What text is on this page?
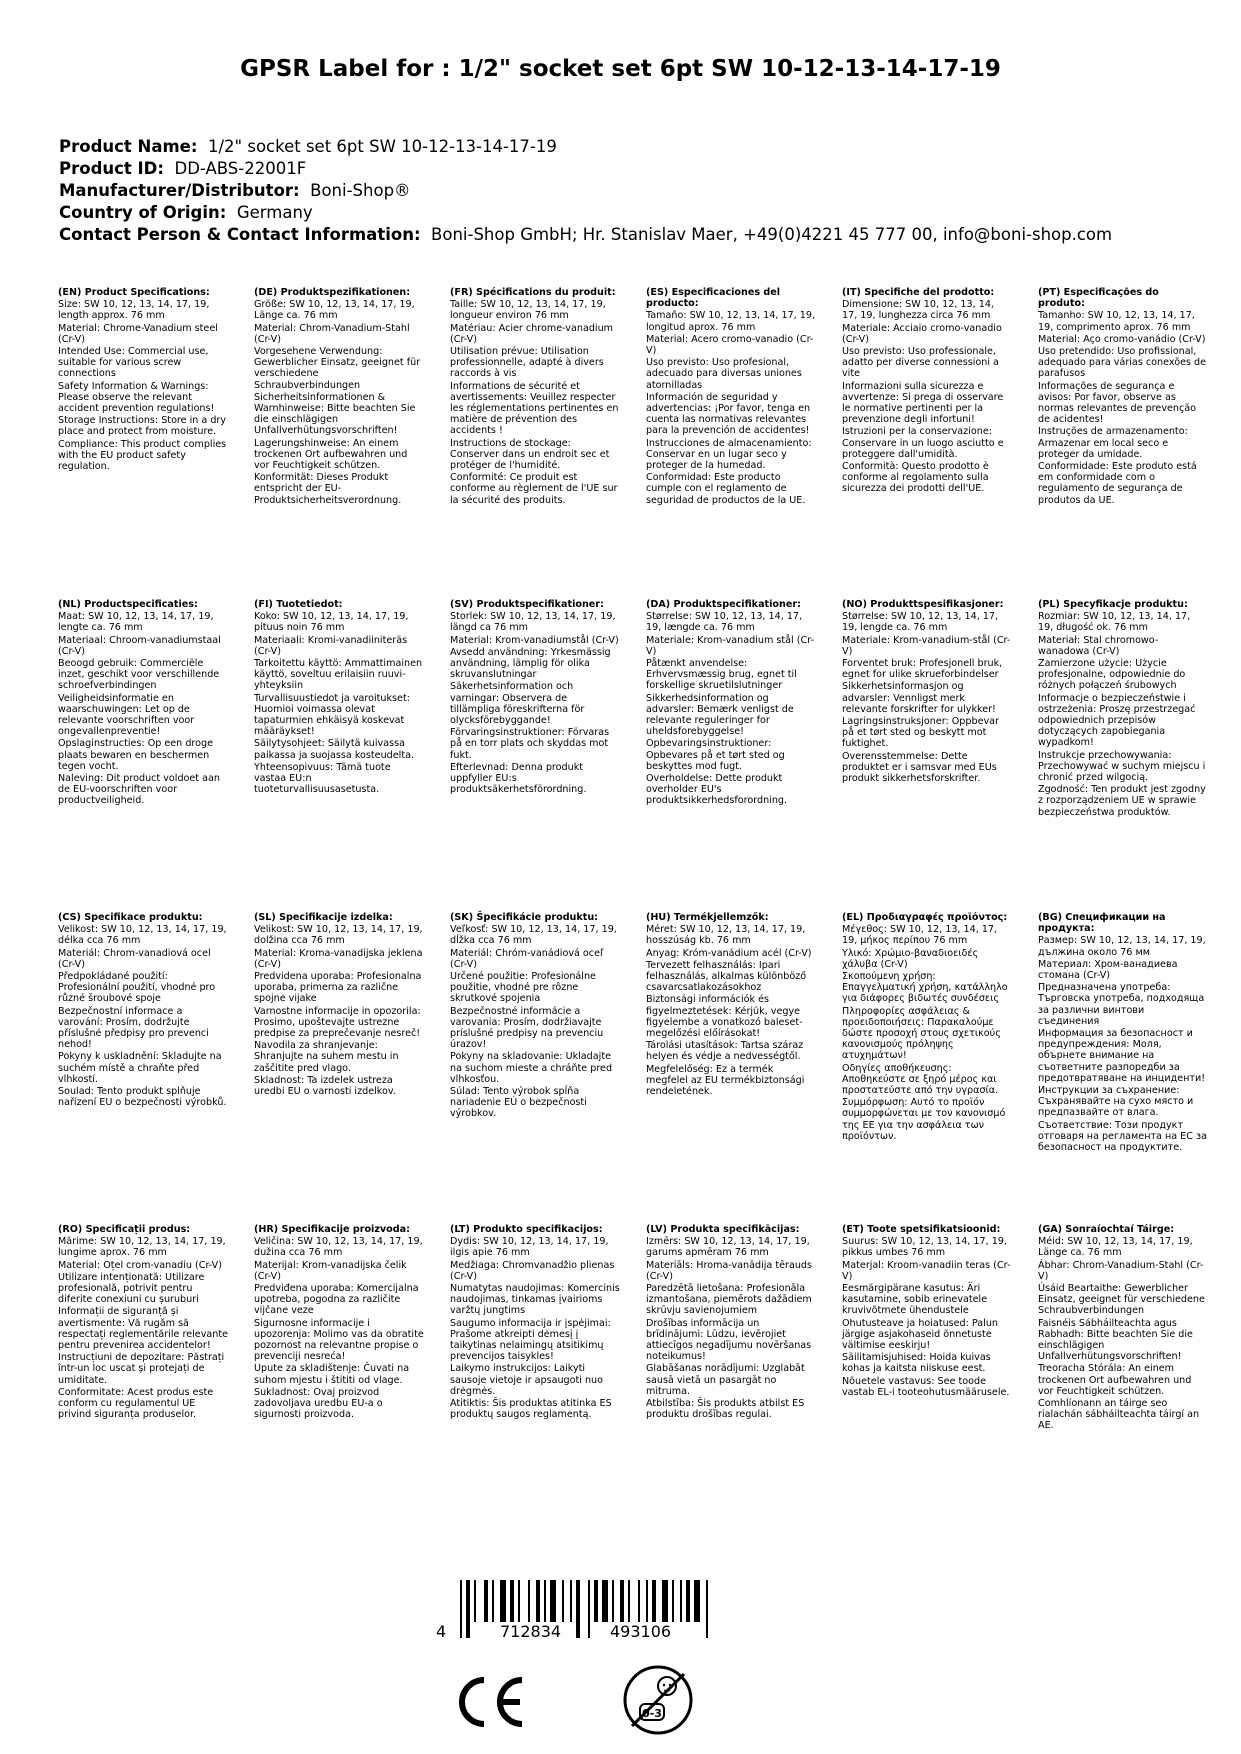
GPSR Label for : 1/2" socket set 6pt SW 10-12-13-14-17-19
Product Name: 1/2" socket set 6pt SW 10-12-13-14-17-19
Product ID: DD-ABS-22001F
Manufacturer/Distributor: Boni-Shop®
Country of Origin: Germany
Contact Person & Contact Information: Boni-Shop GmbH; Hr. Stanislav Maer, +49(0)4221 45 777 00, info@boni-shop.com
(EN) Product Specifications:
Size: SW 10, 12, 13, 14, 17, 19, length approx. 76 mm
Material: Chrome-Vanadium steel (Cr-V)
Intended Use: Commercial use, suitable for various screw connections
Safety Information & Warnings: Please observe the relevant accident prevention regulations!
Storage Instructions: Store in a dry place and protect from moisture.
Compliance: This product complies with the EU product safety regulation.
(DE) Produktspezifikationen:
Größe: SW 10, 12, 13, 14, 17, 19, Länge ca. 76 mm
Material: Chrom-Vanadium-Stahl (Cr-V)
Vorgesehene Verwendung: Gewerblicher Einsatz, geeignet für verschiedene Schraubverbindungen
Sicherheitsinformationen & Warnhinweise: Bitte beachten Sie die einschlägigen Unfallverhütungsvorschriften!
Lagerungshinweise: An einem trockenen Ort aufbewahren und vor Feuchtigkeit schützen.
Konformität: Dieses Produkt entspricht der EU-Produktsicherheitsverordnung.
(FR) Spécifications du produit:
Taille: SW 10, 12, 13, 14, 17, 19, longueur environ 76 mm
Matériau: Acier chrome-vanadium (Cr-V)
Utilisation prévue: Utilisation professionnelle, adapté à divers raccords à vis
Informations de sécurité et avertissements: Veuillez respecter les réglementations pertinentes en matière de prévention des accidents !
Instructions de stockage: Conserver dans un endroit sec et protéger de l'humidité.
Conformité: Ce produit est conforme au règlement de l'UE sur la sécurité des produits.
(ES) Especificaciones del producto:
Tamaño: SW 10, 12, 13, 14, 17, 19, longitud aprox. 76 mm
Material: Acero cromo-vanadio (Cr-V)
Uso previsto: Uso profesional, adecuado para diversas uniones atornilladas
Información de seguridad y advertencias: ¡Por favor, tenga en cuenta las normativas relevantes para la prevención de accidentes!
Instrucciones de almacenamiento: Conservar en un lugar seco y proteger de la humedad.
Conformidad: Este producto cumple con el reglamento de seguridad de productos de la UE.
(IT) Specifiche del prodotto:
Dimensione: SW 10, 12, 13, 14, 17, 19, lunghezza circa 76 mm
Materiale: Acciaio cromo-vanadio (Cr-V)
Uso previsto: Uso professionale, adatto per diverse connessioni a vite
Informazioni sulla sicurezza e avvertenze: Si prega di osservare le normative pertinenti per la prevenzione degli infortuni!
Istruzioni per la conservazione: Conservare in un luogo asciutto e proteggere dall'umidità.
Conformità: Questo prodotto è conforme al regolamento sulla sicurezza dei prodotti dell'UE.
(PT) Especificações do produto:
Tamanho: SW 10, 12, 13, 14, 17, 19, comprimento aprox. 76 mm
Material: Aço cromo-vanádio (Cr-V)
Uso pretendido: Uso profissional, adequado para várias conexões de parafusos
Informações de segurança e avisos: Por favor, observe as normas relevantes de prevenção de acidentes!
Instruções de armazenamento: Armazenar em local seco e proteger da umidade.
Conformidade: Este produto está em conformidade com o regulamento de segurança de produtos da UE.
(NL) Productspecificaties:
Maat: SW 10, 12, 13, 14, 17, 19, lengte ca. 76 mm
Materiaal: Chroom-vanadiumstaal (Cr-V)
Beoogd gebruik: Commerciële inzet, geschikt voor verschillende schroefverbindingen
Veiligheidsinformatie en waarschuwingen: Let op de relevante voorschriften voor ongevallenpreventie!
Opslaginstructies: Op een droge plaats bewaren en beschermen tegen vocht.
Naleving: Dit product voldoet aan de EU-voorschriften voor productveiligheid.
(FI) Tuotetiedot:
Koko: SW 10, 12, 13, 14, 17, 19, pituus noin 76 mm
Materiaali: Kromi-vanadiiniteräs (Cr-V)
Tarkoitettu käyttö: Ammattimainen käyttö, soveltuu erilaisiin ruuvi-yhteyksiin
Turvallisuustiedot ja varoitukset: Huomioi voimassa olevat tapaturmien ehkäisyä koskevat määräykset!
Säilytysohjeet: Säilytä kuivassa paikassa ja suojassa kosteudelta.
Yhteensopivuus: Tämä tuote vastaa EU:n tuoteturvallisuusasetusta.
(SV) Produktspecifikationer:
Storlek: SW 10, 12, 13, 14, 17, 19, längd ca 76 mm
Material: Krom-vanadiumstål (Cr-V)
Avsedd användning: Yrkesmässig användning, lämplig för olika skruvanslutningar
Säkerhetsinformation och varningar: Observera de tillämpliga föreskrifterna för olycksförebyggande!
Förvaringsinstruktioner: Förvaras på en torr plats och skyddas mot fukt.
Efterlevnad: Denna produkt uppfyller EU:s produktsäkerhetsförordning.
(DA) Produktspecifikationer:
Størrelse: SW 10, 12, 13, 14, 17, 19, længde ca. 76 mm
Materiale: Krom-vanadium stål (Cr-V)
Påtænkt anvendelse: Erhvervsmæssig brug, egnet til forskellige skruetilslutninger
Sikkerhedsinformation og advarsler: Bemærk venligst de relevante reguleringer for uheldsforebyggelse!
Opbevaringsinstruktioner: Opbevares på et tørt sted og beskyttes mod fugt.
Overholdelse: Dette produkt overholder EU's produktsikkerhedsforordning.
(NO) Produkttspesifikasjoner:
Størrelse: SW 10, 12, 13, 14, 17, 19, lengde ca. 76 mm
Materiale: Krom-vanadium-stål (Cr-V)
Forventet bruk: Profesjonell bruk, egnet for ulike skrueforbindelser
Sikkerhetsinformasjon og advarsler: Vennligst merk relevante forskrifter for ulykker!
Lagringsinstruksjoner: Oppbevar på et tørt sted og beskytt mot fuktighet.
Overensstemmelse: Dette produktet er i samsvar med EUs produkt sikkerhetsforskrifter.
(PL) Specyfikacje produktu:
Rozmiar: SW 10, 12, 13, 14, 17, 19, długość ok. 76 mm
Materiał: Stal chromowo-wanadowa (Cr-V)
Zamierzone użycie: Użycie profesjonalne, odpowiednie do różnych połączeń śrubowych
Informacje o bezpieczeństwie i ostrzeżenia: Proszę przestrzegać odpowiednich przepisów dotyczących zapobiegania wypadkom!
Instrukcje przechowywania: Przechowywać w suchym miejscu i chronić przed wilgocią.
Zgodność: Ten produkt jest zgodny z rozporządzeniem UE w sprawie bezpieczeństwa produktów.
(CS) Specifikace produktu:
Velikost: SW 10, 12, 13, 14, 17, 19, délka cca 76 mm
Materiál: Chrom-vanadiová ocel (Cr-V)
Předpokládané použití: Profesionální použití, vhodné pro různé šroubové spoje
Bezpečnostní informace a varování: Prosím, dodržujte příslušné předpisy pro prevenci nehod!
Pokyny k uskladnění: Skladujte na suchém místě a chraňte před vlhkostí.
Soulad: Tento produkt splňuje nařízení EU o bezpečnosti výrobků.
(SL) Specifikacije izdelka:
Velikost: SW 10, 12, 13, 14, 17, 19, dolžina cca 76 mm
Material: Kroma-vanadijska jeklena (Cr-V)
Predvidena uporaba: Profesionalna uporaba, primerna za različne spojne vijake
Varnostne informacije in opozorila: Prosimo, upoštevajte ustrezne predpise za preprečevanje nesreč!
Navodila za shranjevanje: Shranjujte na suhem mestu in zaščitite pred vlago.
Skladnost: Ta izdelek ustreza uredbi EU o varnosti izdelkov.
(SK) Špecifikácie produktu:
Veľkosť: SW 10, 12, 13, 14, 17, 19, dĺžka cca 76 mm
Materiál: Chróm-vanádiová oceľ (Cr-V)
Určené použitie: Profesionálne použitie, vhodné pre rôzne skrutkové spojenia
Bezpečnostné informácie a varovania: Prosím, dodržiavajte príslušné predpisy na prevenciu úrazov!
Pokyny na skladovanie: Ukladajte na suchom mieste a chráňte pred vlhkosťou.
Súlad: Tento výrobok spĺňa nariadenie EÚ o bezpečnosti výrobkov.
(HU) Termékjellemzők:
Méret: SW 10, 12, 13, 14, 17, 19, hosszúság kb. 76 mm
Anyag: Króm-vanádium acél (Cr-V)
Tervezett felhasználás: Ipari felhasználás, alkalmas különböző csavarcsatlakozásokhoz
Biztonsági információk és figyelmeztetések: Kérjük, vegye figyelembe a vonatkozó baleset-megelőzési előírásokat!
Tárolási utasítások: Tartsa száraz helyen és védje a nedvességtől.
Megfelelőség: Ez a termék megfelel az EU termékbiztonsági rendeletének.
(EL) Προδιαγραφές προϊόντος:
Μέγεθος: SW 10, 12, 13, 14, 17, 19, μήκος περίπου 76 mm
Υλικό: Χρώμιο-βαναδιοειδές χάλυβα (Cr-V)
Σκοπούμενη χρήση: Επαγγελματική χρήση, κατάλληλο για διάφορες βιδωτές συνδέσεις
Πληροφορίες ασφάλειας & προειδοποιήσεις: Παρακαλούμε δώστε προσοχή στους σχετικούς κανονισμούς πρόληψης ατυχημάτων!
Οδηγίες αποθήκευσης: Αποθηκεύστε σε ξηρό μέρος και προστατεύστε από την υγρασία.
Συμμόρφωση: Αυτό το προϊόν συμμορφώνεται με τον κανονισμό της ΕΕ για την ασφάλεια των προϊόντων.
(BG) Спецификации на продукта:
Размер: SW 10, 12, 13, 14, 17, 19, дължина около 76 мм
Материал: Хром-ванадиева стомана (Cr-V)
Предназначена употреба: Търговска употреба, подходяща за различни винтови съединения
Информация за безопасност и предупреждения: Моля, обърнете внимание на съответните разпоредби за предотвратяване на инциденти!
Инструкции за съхранение: Съхранявайте на сухо място и предпазвайте от влага.
Съответствие: Този продукт отговаря на регламента на ЕС за безопасност на продуктите.
(RO) Specificații produs:
Mărime: SW 10, 12, 13, 14, 17, 19, lungime aprox. 76 mm
Material: Oțel crom-vanadiu (Cr-V)
Utilizare intenționată: Utilizare profesională, potrivit pentru diferite conexiuni cu șuruburi
Informații de siguranță și avertismente: Vă rugăm să respectați reglementările relevante pentru prevenirea accidentelor!
Instrucțiuni de depozitare: Păstrați într-un loc uscat și protejați de umiditate.
Conformitate: Acest produs este conform cu regulamentul UE privind siguranța produselor.
(HR) Specifikacije proizvoda:
Veličina: SW 10, 12, 13, 14, 17, 19, dužina cca 76 mm
Materijal: Krom-vanadijska čelik (Cr-V)
Predviđena uporaba: Komercijalna upotreba, pogodna za različite vijčane veze
Sigurnosne informacije i upozorenja: Molimo vas da obratite pozornost na relevantne propise o prevenciji nesreća!
Upute za skladištenje: Čuvati na suhom mjestu i štititi od vlage.
Sukladnost: Ovaj proizvod zadovoljava uredbu EU-a o sigurnosti proizvoda.
(LT) Produkto specifikacijos:
Dydis: SW 10, 12, 13, 14, 17, 19, ilgis apie 76 mm
Medžiaga: Chromvanadžio plienas (Cr-V)
Numatytas naudojimas: Komercinis naudojimas, tinkamas įvairioms varžtų jungtims
Saugumo informacija ir įspėjimai: Prašome atkreipti dėmesį į taikytinas nelaimingų atsitikimų prevencijos taisykles!
Laikymo instrukcijos: Laikyti sausoje vietoje ir apsaugoti nuo drėgmės.
Atitiktis: Šis produktas atitinka ES produktų saugos reglamentą.
(LV) Produkta specifikācijas:
Izmērs: SW 10, 12, 13, 14, 17, 19, garums apmēram 76 mm
Materiāls: Hroma-vanādija tērauds (Cr-V)
Paredzētā lietošana: Profesionāla izmantošana, piemērots dažādiem skrūvju savienojumiem
Drošības informācija un brīdinājumi: Lūdzu, ievērojiet attiecīgos negadījumu novēršanas noteikumus!
Glabāšanas norādījumi: Uzglabāt sausā vietā un pasargāt no mitruma.
Atbilstība: Šis produkts atbilst ES produktu drošības regulai.
(ET) Toote spetsifikatsioonid:
Suurus: SW 10, 12, 13, 14, 17, 19, pikkus umbes 76 mm
Materjal: Kroom-vanadiin teras (Cr-V)
Eesmärgipärane kasutus: Äri kasutamine, sobib erinevatele kruvivõtmete ühendustele
Ohutusteave ja hoiatused: Palun järgige asjakohaseid õnnetuste vältimise eeskirju!
Säilitamisjuhised: Hoida kuivas kohas ja kaitsta niiskuse eest.
Nõuetele vastavus: See toode vastab EL-i tooteohutusmäärusele.
(GA) Sonraíochtaí Táirge:
Méid: SW 10, 12, 13, 14, 17, 19, Länge ca. 76 mm
Ábhar: Chrom-Vanadium-Stahl (Cr-V)
Úsáid Beartaithe: Gewerblicher Einsatz, geeignet für verschiedene Schraubverbindungen
Faisnéis Sábháilteachta agus Rabhadh: Bitte beachten Sie die einschlägigen Unfallverhütungsvorschriften!
Treoracha Stórála: An einem trockenen Ort aufbewahren und vor Feuchtigkeit schützen.
Comhlíonann an táirge seo rialachán sábháilteachta táirgí an AE.
4	712834	493106
0-3
